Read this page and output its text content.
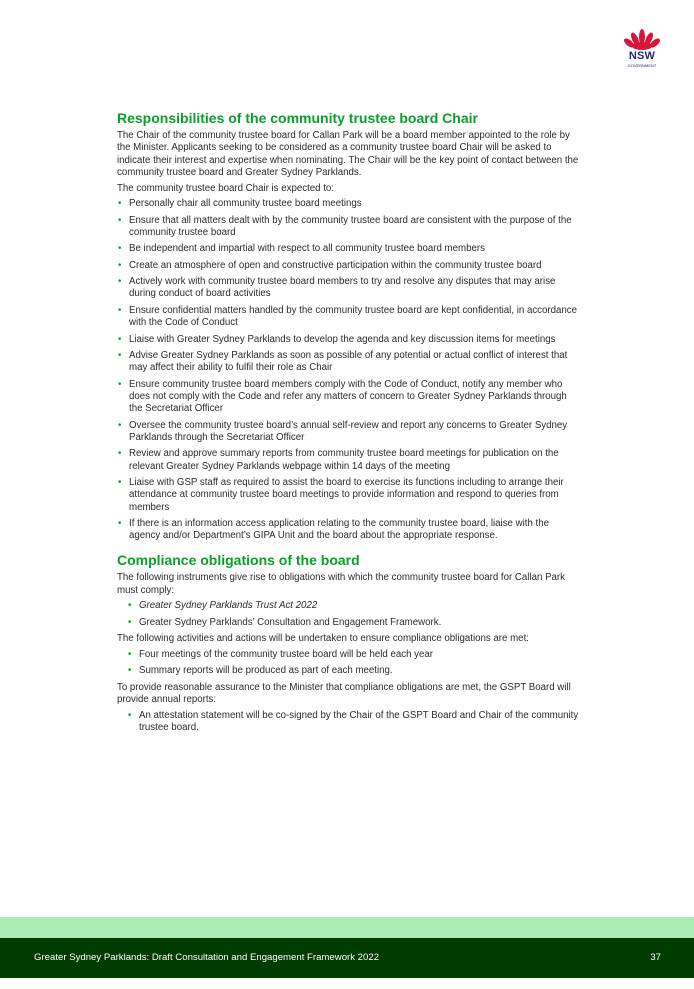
NSW
GOVERNMENT
Responsibilities of the community trustee board Chair

The Chair of the community trustee board for Callan Park will be a board member appointed to the role by the Minister. Applicants seeking to be considered as a community trustee board Chair will be asked to indicate their interest and expertise when nominating. The Chair will be the key point of contact between the community trustee board and Greater Sydney Parklands.

The community trustee board Chair is expected to:

• Personally chair all community trustee board meetings
• Ensure that all matters dealt with by the community trustee board are consistent with the purpose of the community trustee board
• Be independent and impartial with respect to all community trustee board members
• Create an atmosphere of open and constructive participation within the community trustee board
• Actively work with community trustee board members to try and resolve any disputes that may arise during conduct of board activities
• Ensure confidential matters handled by the community trustee board are kept confidential, in accordance with the Code of Conduct
• Liaise with Greater Sydney Parklands to develop the agenda and key discussion items for meetings
• Advise Greater Sydney Parklands as soon as possible of any potential or actual conflict of interest that may affect their ability to fulfil their role as Chair
• Ensure community trustee board members comply with the Code of Conduct, notify any member who does not comply with the Code and refer any matters of concern to Greater Sydney Parklands through the Secretariat Officer
• Oversee the community trustee board’s annual self-review and report any concerns to Greater Sydney Parklands through the Secretariat Officer
• Review and approve summary reports from community trustee board meetings for publication on the relevant Greater Sydney Parklands webpage within 14 days of the meeting
• Liaise with GSP staff as required to assist the board to exercise its functions including to arrange their attendance at community trustee board meetings to provide information and respond to queries from members
• If there is an information access application relating to the community trustee board, liaise with the agency and/or Department’s GIPA Unit and the board about the appropriate response.
Compliance obligations of the board

The following instruments give rise to obligations with which the community trustee board for Callan Park must comply:

• Greater Sydney Parklands Trust Act 2022
• Greater Sydney Parklands’ Consultation and Engagement Framework.

The following activities and actions will be undertaken to ensure compliance obligations are met:

• Four meetings of the community trustee board will be held each year
• Summary reports will be produced as part of each meeting.

To provide reasonable assurance to the Minister that compliance obligations are met, the GSPT Board will provide annual reports:

• An attestation statement will be co-signed by the Chair of the GSPT Board and Chair of the community trustee board.
Greater Sydney Parklands: Draft Consultation and Engagement Framework 2022	37
